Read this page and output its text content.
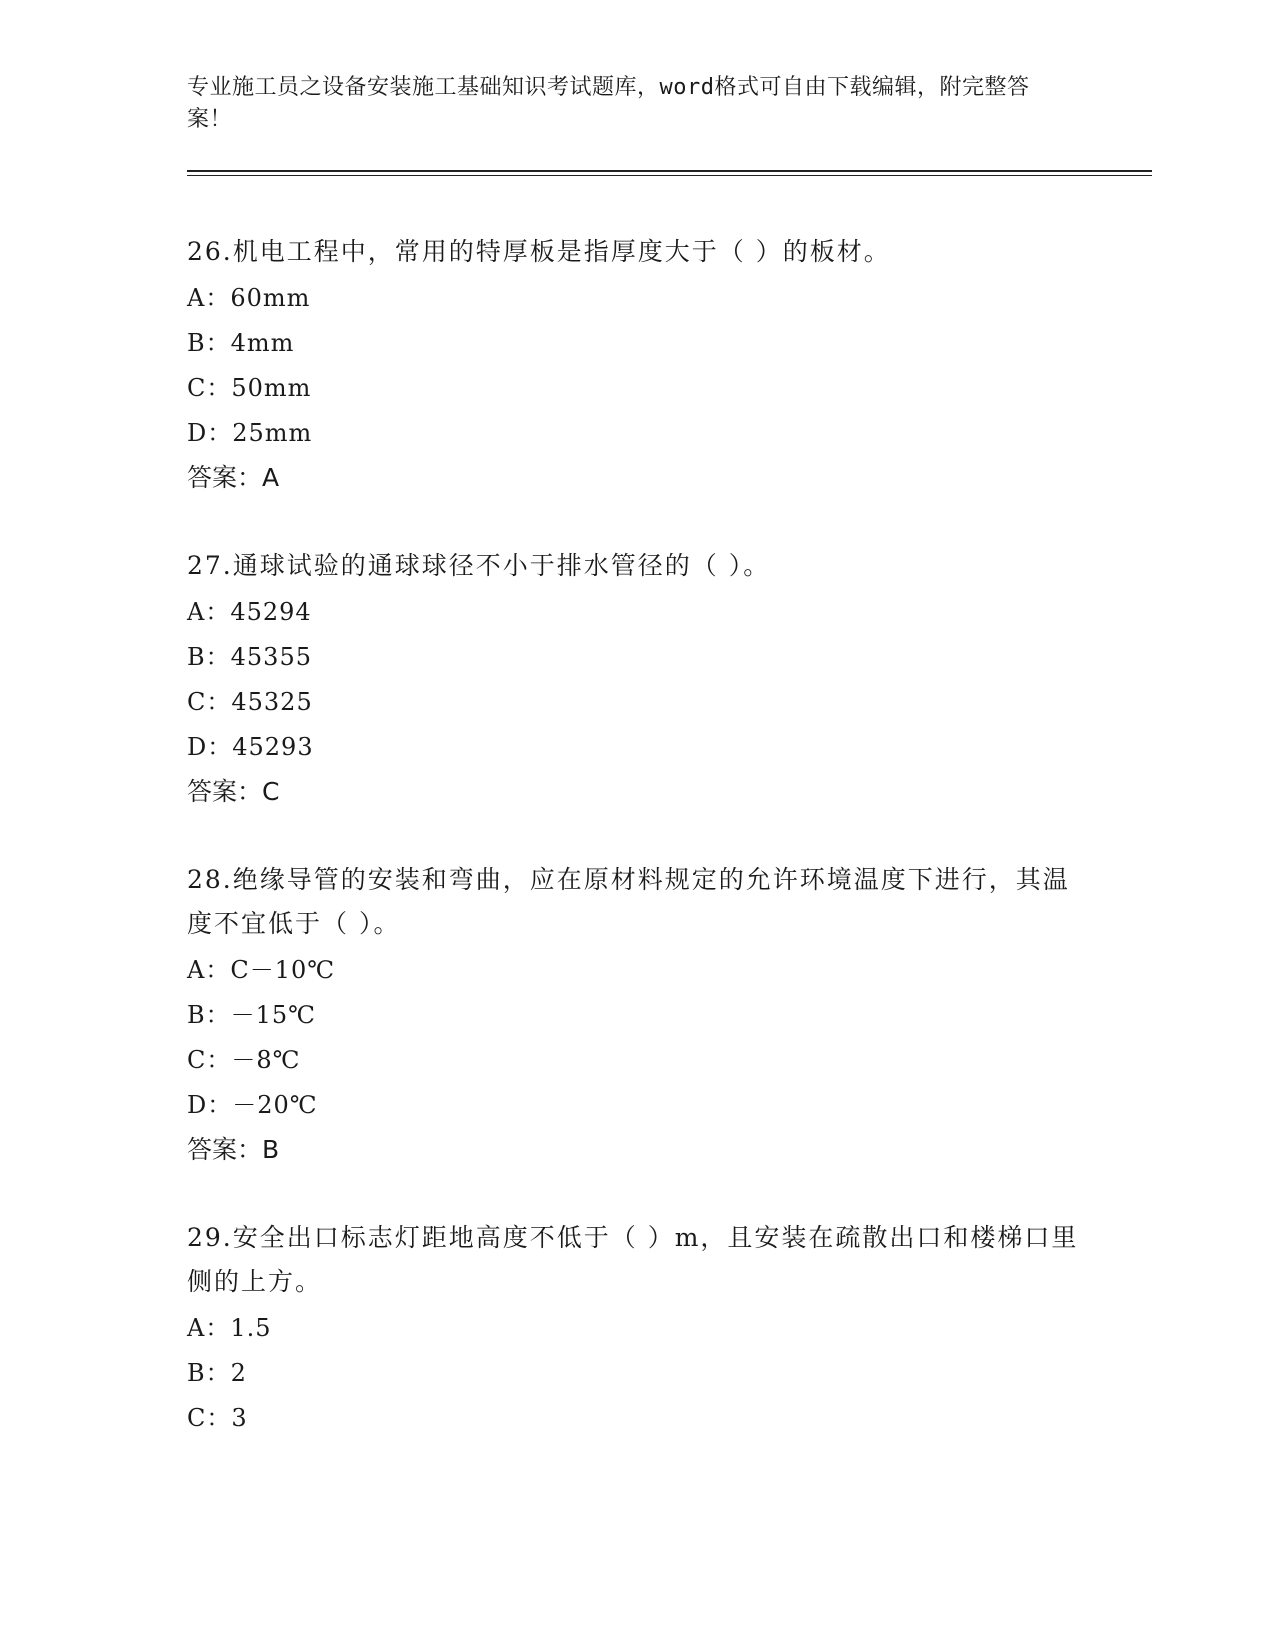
专业施工员之设备安装施工基础知识考试题库，word格式可自由下载编辑，附完整答案！
26.机电工程中，常用的特厚板是指厚度大于（ ）的板材。
A：60mm
B：4mm
C：50mm
D：25mm
答案：A
27.通球试验的通球球径不小于排水管径的（ ）。
A：45294
B：45355
C：45325
D：45293
答案：C
28.绝缘导管的安装和弯曲，应在原材料规定的允许环境温度下进行，其温度不宜低于（ ）。
A：C－10℃
B：－15℃
C：－8℃
D：－20℃
答案：B
29.安全出口标志灯距地高度不低于（ ）m，且安装在疏散出口和楼梯口里侧的上方。
A：1.5
B：2
C：3
